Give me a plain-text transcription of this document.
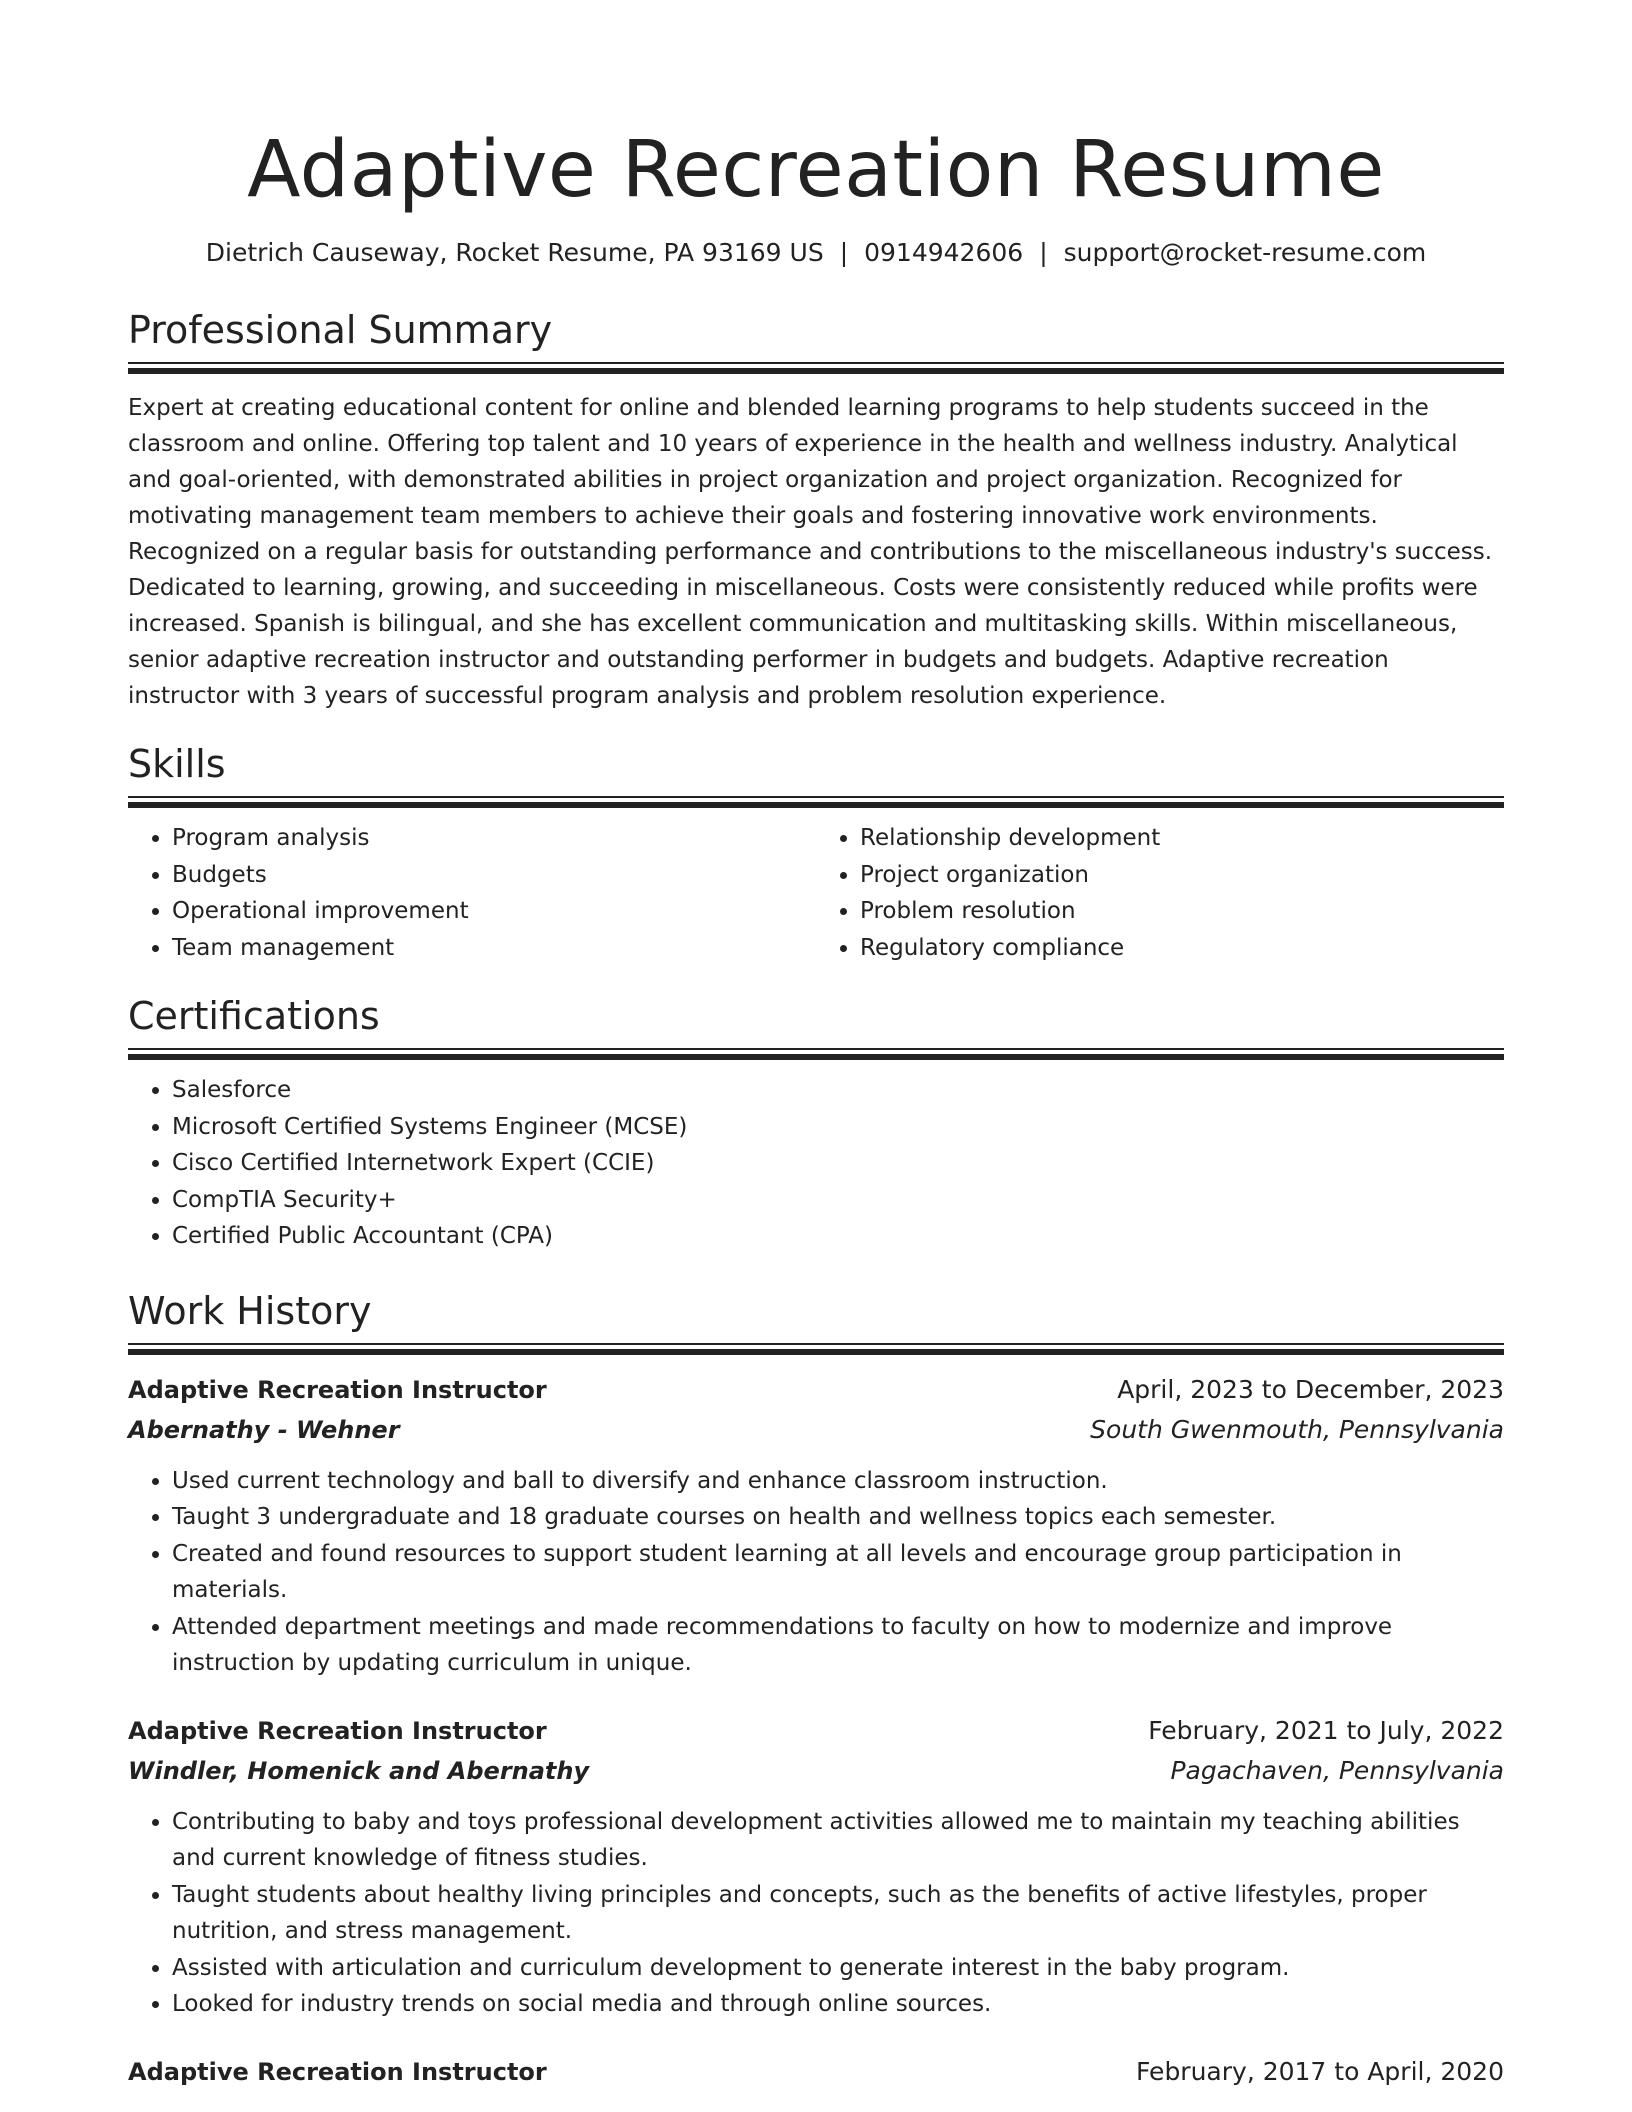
Adaptive Recreation Resume
Dietrich Causeway, Rocket Resume, PA 93169 US | 0914942606 | support@rocket-resume.com
Professional Summary

Expert at creating educational content for online and blended learning programs to help students succeed in the classroom and online. Offering top talent and 10 years of experience in the health and wellness industry. Analytical and goal-oriented, with demonstrated abilities in project organization and project organization. Recognized for motivating management team members to achieve their goals and fostering innovative work environments. Recognized on a regular basis for outstanding performance and contributions to the miscellaneous industry's success. Dedicated to learning, growing, and succeeding in miscellaneous. Costs were consistently reduced while profits were increased. Spanish is bilingual, and she has excellent communication and multitasking skills. Within miscellaneous, senior adaptive recreation instructor and outstanding performer in budgets and budgets. Adaptive recreation instructor with 3 years of successful program analysis and problem resolution experience.

Skills
• Program analysis
• Budgets
• Operational improvement
• Team management
• Relationship development
• Project organization
• Problem resolution
• Regulatory compliance
Certifications
• Salesforce
• Microsoft Certified Systems Engineer (MCSE)
• Cisco Certified Internetwork Expert (CCIE)
• CompTIA Security+
• Certified Public Accountant (CPA)
Work History
Adaptive Recreation Instructor	April, 2023 to December, 2023
Abernathy - Wehner	South Gwenmouth, Pennsylvania
• Used current technology and ball to diversify and enhance classroom instruction.
• Taught 3 undergraduate and 18 graduate courses on health and wellness topics each semester.
• Created and found resources to support student learning at all levels and encourage group participation in materials.
• Attended department meetings and made recommendations to faculty on how to modernize and improve instruction by updating curriculum in unique.
Adaptive Recreation Instructor	February, 2021 to July, 2022
Windler, Homenick and Abernathy	Pagachaven, Pennsylvania
• Contributing to baby and toys professional development activities allowed me to maintain my teaching abilities and current knowledge of fitness studies.
• Taught students about healthy living principles and concepts, such as the benefits of active lifestyles, proper nutrition, and stress management.
• Assisted with articulation and curriculum development to generate interest in the baby program.
• Looked for industry trends on social media and through online sources.
Adaptive Recreation Instructor	February, 2017 to April, 2020
